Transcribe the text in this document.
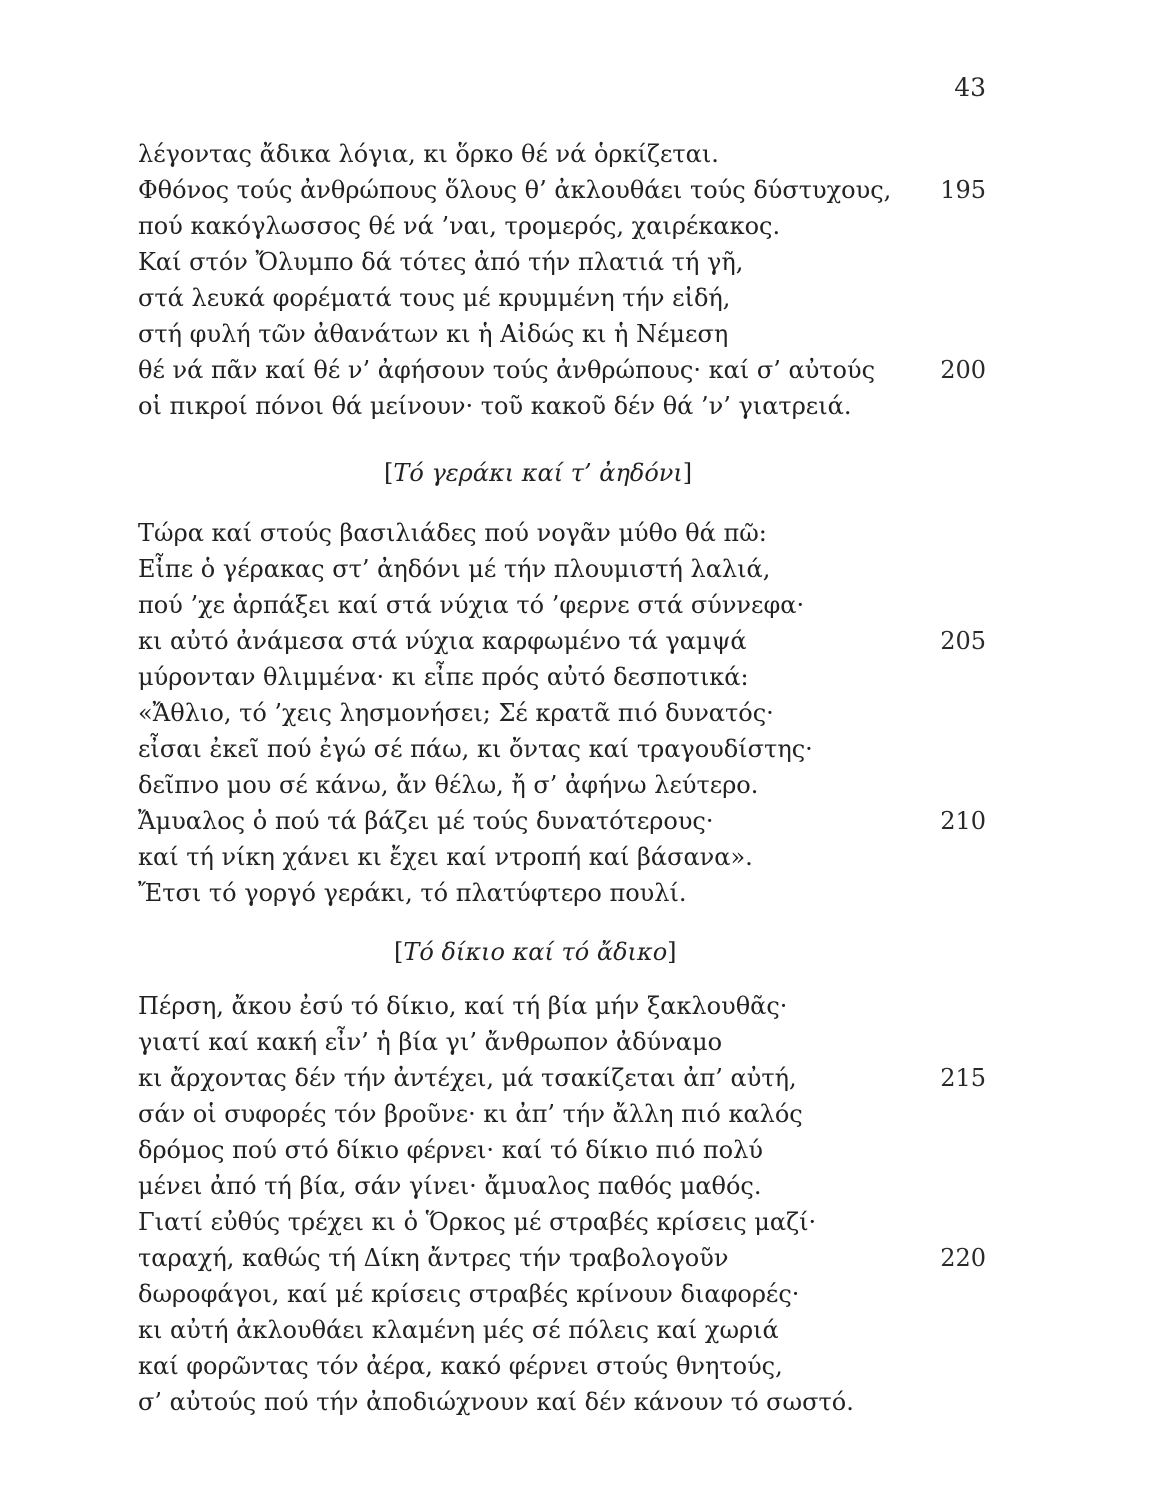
43
λέγοντας ἄδικα λόγια, κι ὅρκο θέ νά ὁρκίζεται.
Φθόνος τούς ἀνθρώπους ὅλους θ’ ἀκλουθάει τούς δύστυχους,	195
πού κακόγλωσσος θέ νά ’ναι, τρομερός, χαιρέκακος.
Καί στόν Ὄλυμπο δά τότες ἀπό τήν πλατιά τή γῆ,
στά λευκά φορέματά τους μέ κρυμμένη τήν εἰδή,
στή φυλή τῶν ἀθανάτων κι ἡ Αἰδώς κι ἡ Νέμεση
θέ νά πᾶν καί θέ ν’ ἀφήσουν τούς ἀνθρώπους· καί σ’ αὐτούς	200
οἱ πικροί πόνοι θά μείνουν· τοῦ κακοῦ δέν θά ’ν’ γιατρειά.
[Τό γεράκι καί τ’ ἀηδόνι]
Τώρα καί στούς βασιλιάδες πού νογᾶν μύθο θά πῶ:
Εἶπε ὁ γέρακας στ’ ἀηδόνι μέ τήν πλουμιστή λαλιά,
πού ’χε ἁρπάξει καί στά νύχια τό ’φερνε στά σύννεφα·
κι αὐτό ἀνάμεσα στά νύχια καρφωμένο τά γαμψά	205
μύρονταν θλιμμένα· κι εἶπε πρός αὐτό δεσποτικά:
«Ἄθλιο, τό ’χεις λησμονήσει; Σέ κρατᾶ πιό δυνατός·
εἶσαι ἐκεῖ πού ἐγώ σέ πάω, κι ὄντας καί τραγουδίστης·
δεῖπνο μου σέ κάνω, ἄν θέλω, ἤ σ’ ἀφήνω λεύτερο.
Ἄμυαλος ὁ πού τά βάζει μέ τούς δυνατότερους·	210
καί τή νίκη χάνει κι ἔχει καί ντροπή καί βάσανα».
Ἔτσι τό γοργό γεράκι, τό πλατύφτερο πουλί.
[Τό δίκιο καί τό ἄδικο]
Πέρση, ἄκου ἐσύ τό δίκιο, καί τή βία μήν ξακλουθᾶς·
γιατί καί κακή εἶν’ ἡ βία γι’ ἄνθρωπον ἀδύναμο
κι ἄρχοντας δέν τήν ἀντέχει, μά τσακίζεται ἀπ’ αὐτή,	215
σάν οἱ συφορές τόν βροῦνε· κι ἀπ’ τήν ἄλλη πιό καλός
δρόμος πού στό δίκιο φέρνει· καί τό δίκιο πιό πολύ
μένει ἀπό τή βία, σάν γίνει· ἄμυαλος παθός μαθός.
Γιατί εὐθύς τρέχει κι ὁ Ὅρκος μέ στραβές κρίσεις μαζί·
ταραχή, καθώς τή Δίκη ἄντρες τήν τραβολογοῦν	220
δωροφάγοι, καί μέ κρίσεις στραβές κρίνουν διαφορές·
κι αὐτή ἀκλουθάει κλαμένη μές σέ πόλεις καί χωριά
καί φορῶντας τόν ἀέρα, κακό φέρνει στούς θνητούς,
σ’ αὐτούς πού τήν ἀποδιώχνουν καί δέν κάνουν τό σωστό.
